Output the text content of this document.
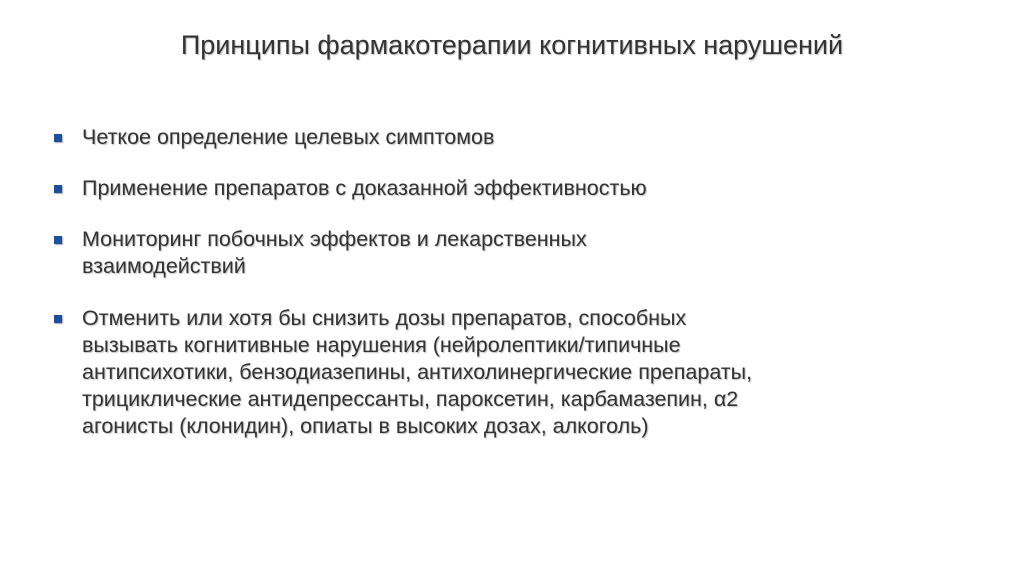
Принципы фармакотерапии когнитивных нарушений
Четкое определение целевых симптомов
Применение препаратов с доказанной эффективностью
Мониторинг побочных эффектов и лекарственных
взаимодействий
Отменить или хотя бы снизить дозы препаратов, способных
вызывать когнитивные нарушения (нейролептики/типичные
антипсихотики, бензодиазепины, антихолинергические препараты,
трициклические антидепрессанты, пароксетин, карбамазепин, α2
агонисты (клонидин), опиаты в высоких дозах, алкоголь)
